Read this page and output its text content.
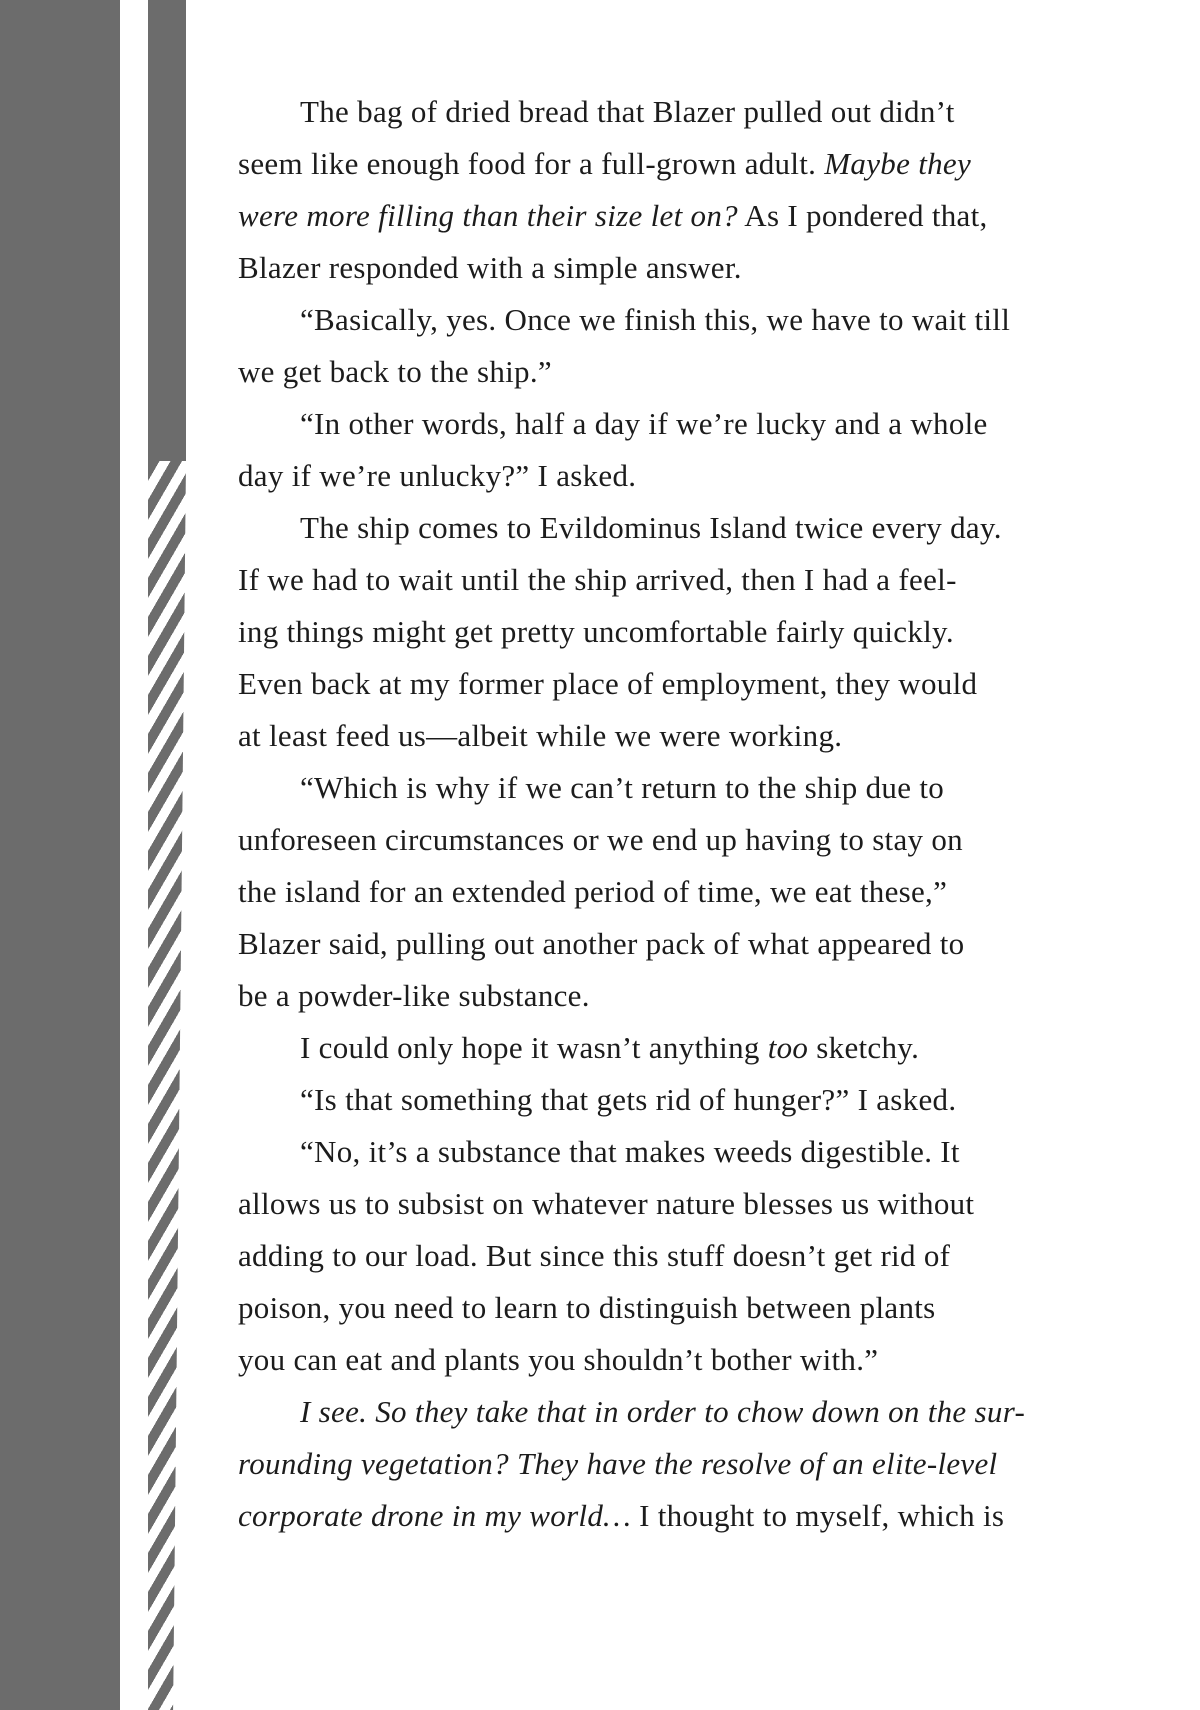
The bag of dried bread that Blazer pulled out didn’t
seem like enough food for a full-grown adult. Maybe they
were more filling than their size let on? As I pondered that,
Blazer responded with a simple answer.
“Basically, yes. Once we finish this, we have to wait till
we get back to the ship.”
“In other words, half a day if we’re lucky and a whole
day if we’re unlucky?” I asked.
The ship comes to Evildominus Island twice every day.
If we had to wait until the ship arrived, then I had a feel-
ing things might get pretty uncomfortable fairly quickly.
Even back at my former place of employment, they would
at least feed us—albeit while we were working.
“Which is why if we can’t return to the ship due to
unforeseen circumstances or we end up having to stay on
the island for an extended period of time, we eat these,”
Blazer said, pulling out another pack of what appeared to
be a powder-like substance.
I could only hope it wasn’t anything too sketchy.
“Is that something that gets rid of hunger?” I asked.
“No, it’s a substance that makes weeds digestible. It
allows us to subsist on whatever nature blesses us without
adding to our load. But since this stuff doesn’t get rid of
poison, you need to learn to distinguish between plants
you can eat and plants you shouldn’t bother with.”
I see. So they take that in order to chow down on the sur-
rounding vegetation? They have the resolve of an elite-level
corporate drone in my world… I thought to myself, which is
